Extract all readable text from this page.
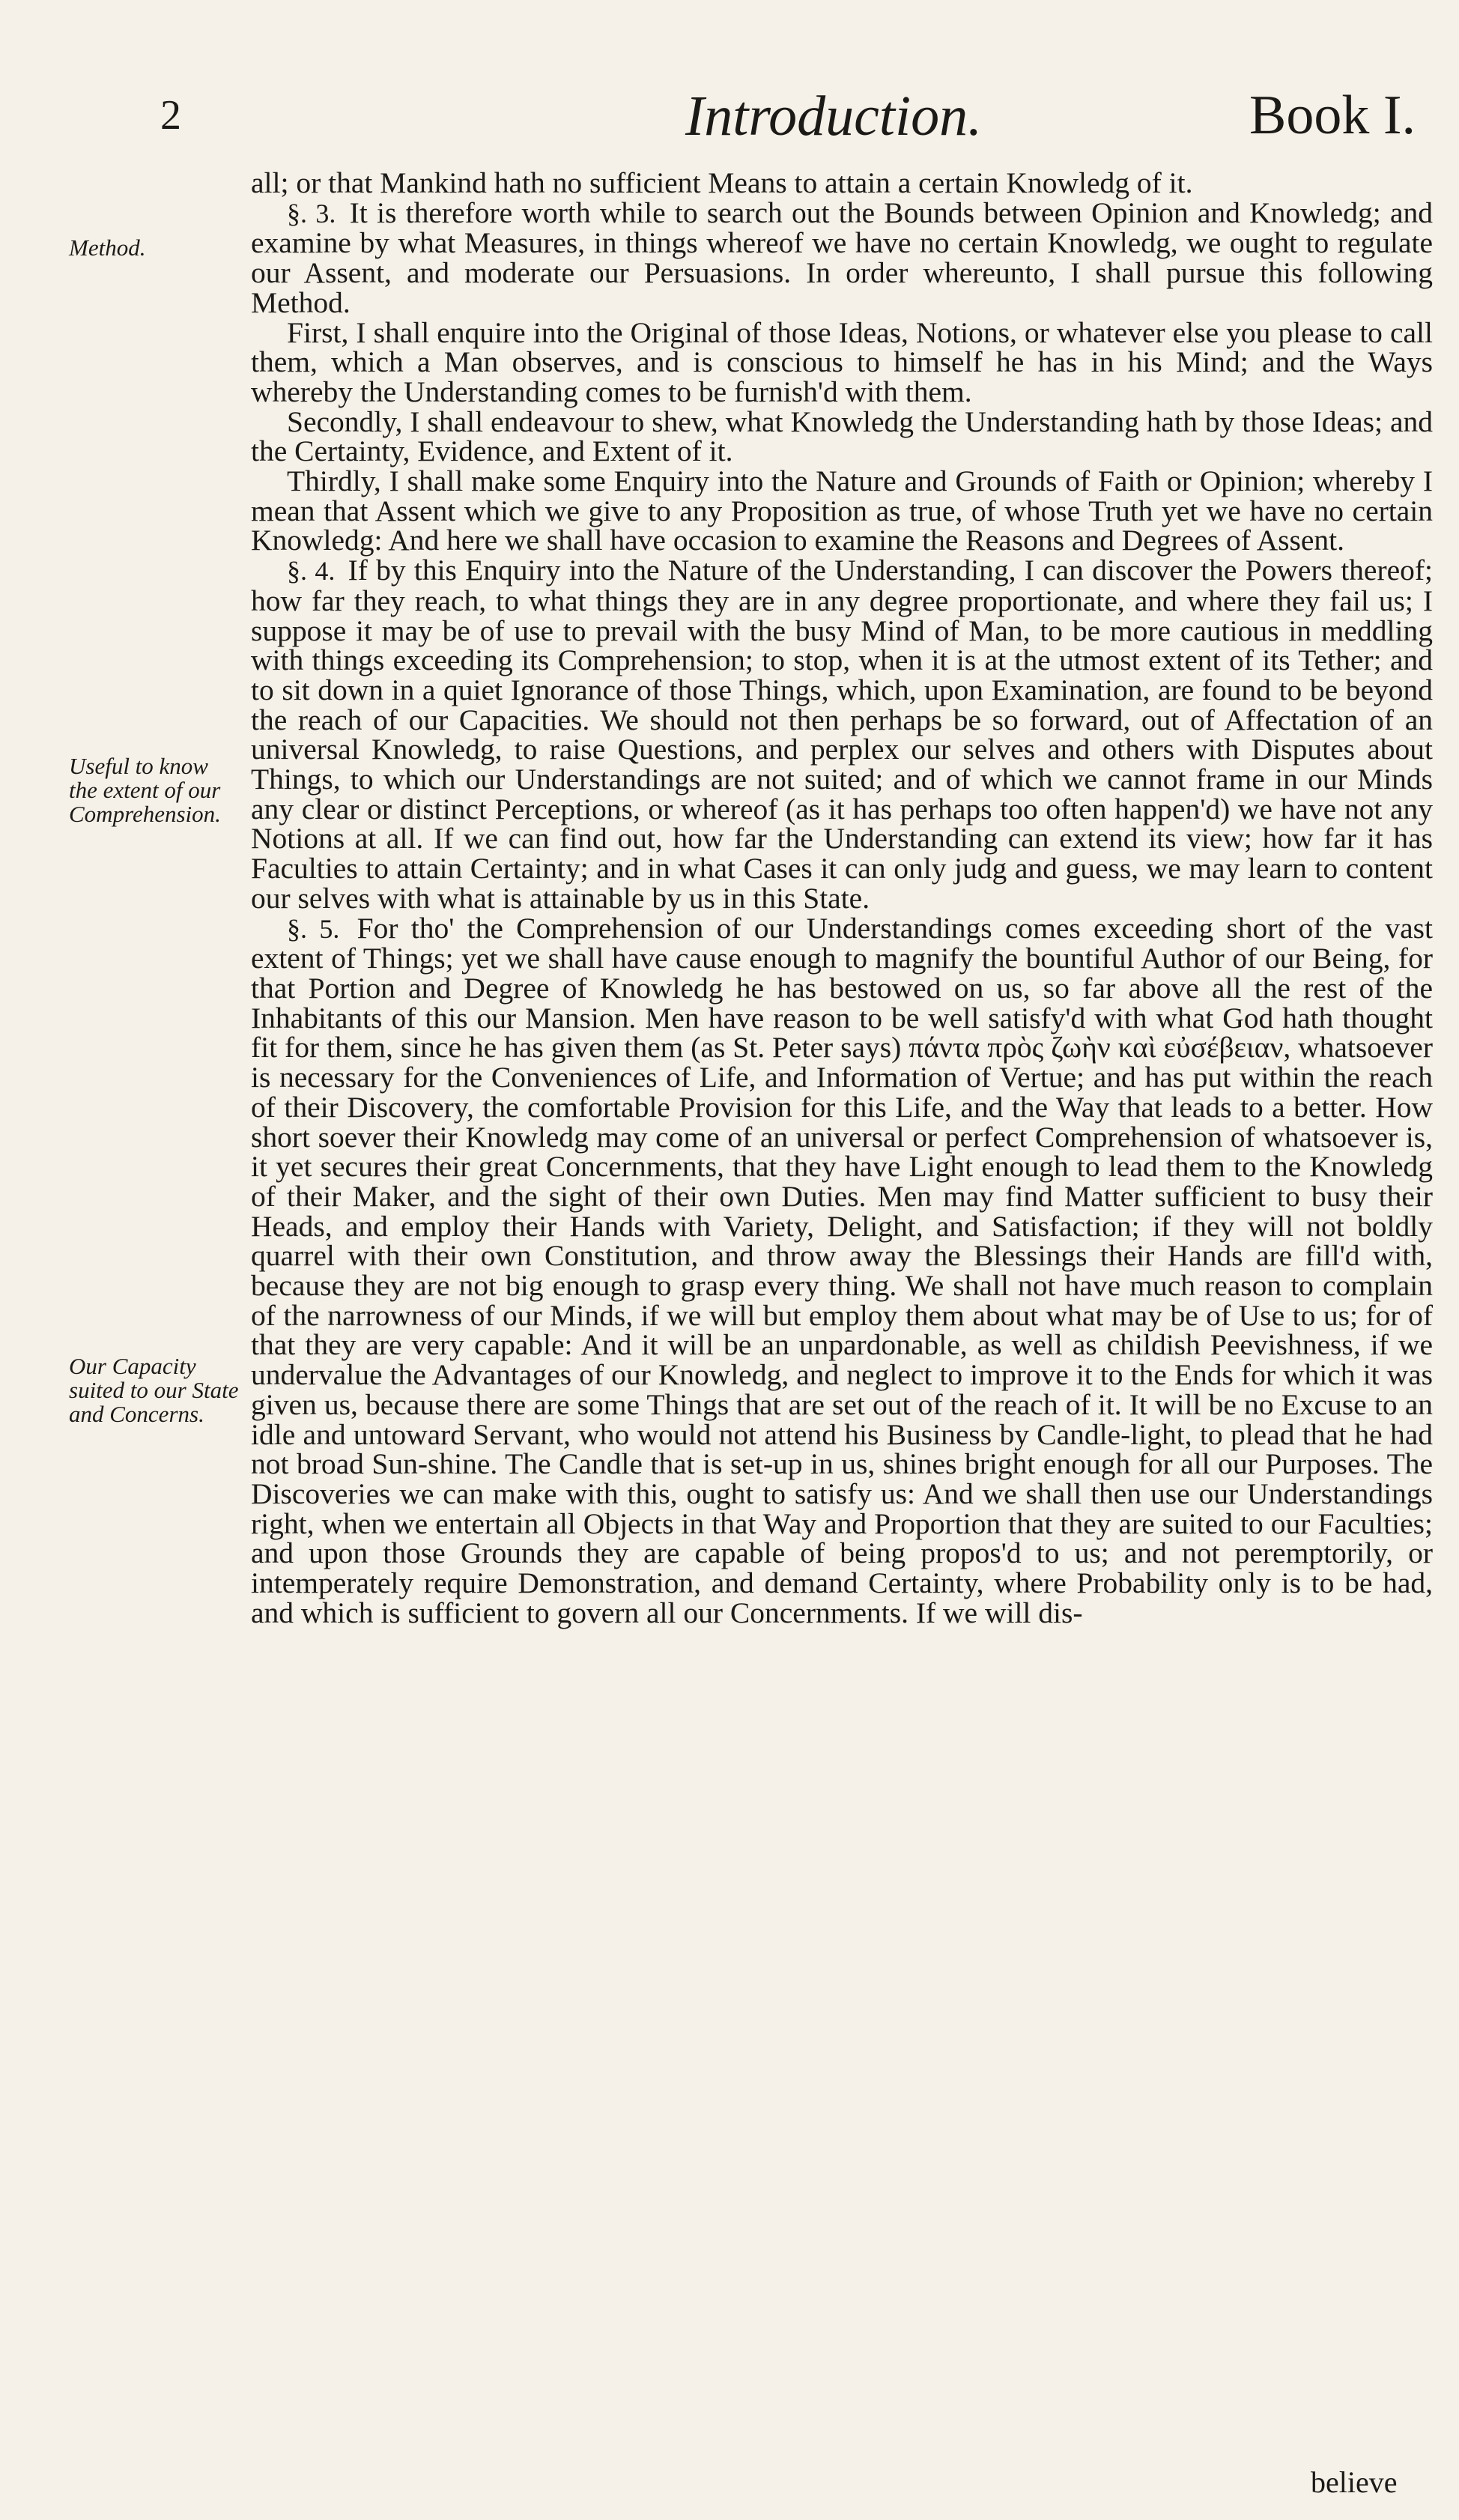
2	Introduction.	Book I.
Method.
Useful to know the extent of our Comprehension.
Our Capacity suited to our State and Concerns.

all; or that Mankind hath no sufficient Means to attain a certain Knowledg of it.

§. 3. It is therefore worth while to search out the Bounds between Opinion and Knowledg; and examine by what Measures, in things whereof we have no certain Knowledg, we ought to regulate our Assent, and moderate our Persuasions. In order whereunto, I shall pursue this following Method.

First, I shall enquire into the Original of those Ideas, Notions, or whatever else you please to call them, which a Man observes, and is conscious to himself he has in his Mind; and the Ways whereby the Understanding comes to be furnish'd with them.

Secondly, I shall endeavour to shew, what Knowledg the Understanding hath by those Ideas; and the Certainty, Evidence, and Extent of it.

Thirdly, I shall make some Enquiry into the Nature and Grounds of Faith or Opinion; whereby I mean that Assent which we give to any Proposition as true, of whose Truth yet we have no certain Knowledg: And here we shall have occasion to examine the Reasons and Degrees of Assent.

§. 4. If by this Enquiry into the Nature of the Understanding, I can discover the Powers thereof; how far they reach, to what things they are in any degree proportionate, and where they fail us; I suppose it may be of use to prevail with the busy Mind of Man, to be more cautious in meddling with things exceeding its Comprehension; to stop, when it is at the utmost extent of its Tether; and to sit down in a quiet Ignorance of those Things, which, upon Examination, are found to be beyond the reach of our Capacities. We should not then perhaps be so forward, out of Affectation of an universal Knowledg, to raise Questions, and perplex our selves and others with Disputes about Things, to which our Understandings are not suited; and of which we cannot frame in our Minds any clear or distinct Perceptions, or whereof (as it has perhaps too often happen'd) we have not any Notions at all. If we can find out, how far the Understanding can extend its view; how far it has Faculties to attain Certainty; and in what Cases it can only judg and guess, we may learn to content our selves with what is attainable by us in this State.

§. 5. For tho' the Comprehension of our Understandings comes exceeding short of the vast extent of Things; yet we shall have cause enough to magnify the bountiful Author of our Being, for that Portion and Degree of Knowledg he has bestowed on us, so far above all the rest of the Inhabitants of this our Mansion. Men have reason to be well satisfy'd with what God hath thought fit for them, since he has given them (as St. Peter says) πάντα πρὸς ζωὴν καὶ εὐσέβειαν, whatsoever is necessary for the Conveniences of Life, and Information of Vertue; and has put within the reach of their Discovery, the comfortable Provision for this Life, and the Way that leads to a better. How short soever their Knowledg may come of an universal or perfect Comprehension of whatsoever is, it yet secures their great Concernments, that they have Light enough to lead them to the Knowledg of their Maker, and the sight of their own Duties. Men may find Matter sufficient to busy their Heads, and employ their Hands with Variety, Delight, and Satisfaction; if they will not boldly quarrel with their own Constitution, and throw away the Blessings their Hands are fill'd with, because they are not big enough to grasp every thing. We shall not have much reason to complain of the narrowness of our Minds, if we will but employ them about what may be of Use to us; for of that they are very capable: And it will be an unpardonable, as well as childish Peevishness, if we undervalue the Advantages of our Knowledg, and neglect to improve it to the Ends for which it was given us, because there are some Things that are set out of the reach of it. It will be no Excuse to an idle and untoward Servant, who would not attend his Business by Candle-light, to plead that he had not broad Sun-shine. The Candle that is set-up in us, shines bright enough for all our Purposes. The Discoveries we can make with this, ought to satisfy us: And we shall then use our Understandings right, when we entertain all Objects in that Way and Proportion that they are suited to our Faculties; and upon those Grounds they are capable of being propos'd to us; and not peremptorily, or intemperately require Demonstration, and demand Certainty, where Probability only is to be had, and which is sufficient to govern all our Concernments. If we will dis-

believe
